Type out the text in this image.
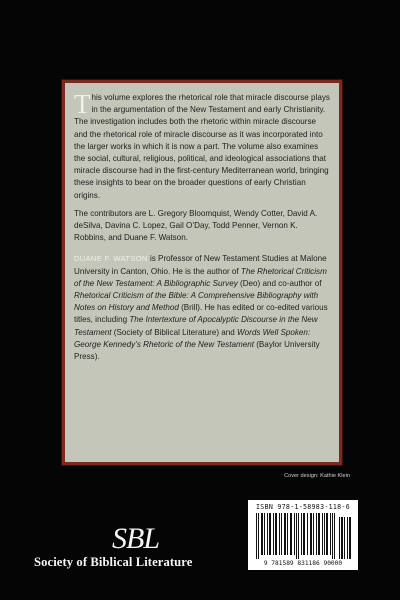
This volume explores the rhetorical role that miracle discourse plays in the argumentation of the New Testament and early Christianity. The investigation includes both the rhetoric within miracle discourse and the rhetorical role of miracle discourse as it was incorporated into the larger works in which it is now a part. The volume also examines the social, cultural, religious, political, and ideological associations that miracle discourse had in the first-century Mediterranean world, bringing these insights to bear on the broader questions of early Christian origins.

The contributors are L. Gregory Bloomquist, Wendy Cotter, David A. deSilva, Davina C. Lopez, Gail O’Day, Todd Penner, Vernon K. Robbins, and Duane F. Watson.

DUANE F. WATSON is Professor of New Testament Studies at Malone University in Canton, Ohio. He is the author of The Rhetorical Criticism of the New Testament: A Bibliographic Survey (Deo) and co-author of Rhetorical Criticism of the Bible: A Comprehensive Bibliography with Notes on History and Method (Brill). He has edited or co-edited various titles, including The Intertexture of Apocalyptic Discourse in the New Testament (Society of Biblical Literature) and Words Well Spoken: George Kennedy’s Rhetoric of the New Testament (Baylor University Press).

Cover design: Kathie Klein
ISBN 978-1-58983-118-6
9 781589 831186 90000
SBL
Society of Biblical Literature
